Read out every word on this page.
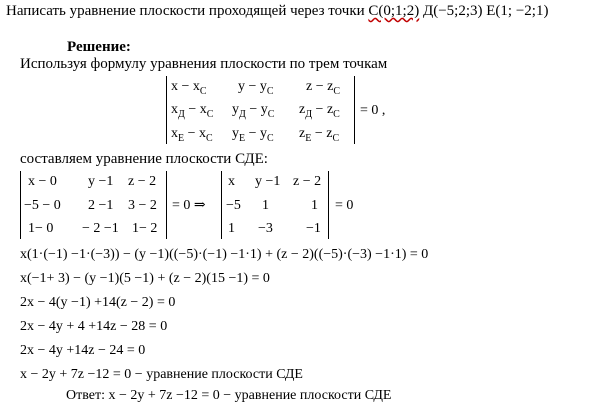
Написать уравнение плоскости проходящей через точки С(0;1;2) Д(−5;2;3) Е(1; −2;1)
Решение:
Используя формулу уравнения плоскости по трем точкам
$x - x_С$ $y - y_С$ $z - z_С$
$x_Д - x_С$ $y_Д - y_С$ $z_Д - z_С$
$x_Е - x_С$ $y_Е - y_С$ $z_Е - z_С$
= 0 ,
составляем уравнение плоскости СДЕ:
x − 0 y −1 z − 2
−5 − 0 2 −1 3 − 2
1− 0 − 2 −1 1− 2
= 0 ⇒
x y −1 z − 2
−5 1	1
1 −3 −1
= 0
x(1·(−1) −1·(−3)) − (y −1)((−5)·(−1) −1·1) + (z − 2)((−5)·(−3) −1·1) = 0
x(−1+ 3) − (y −1)(5 −1) + (z − 2)(15 −1) = 0
2x − 4(y −1) +14(z − 2) = 0
2x − 4y + 4 +14z − 28 = 0
2x − 4y +14z − 24 = 0
x − 2y + 7z −12 = 0 − уравнение плоскости СДЕ
Ответ: x − 2y + 7z −12 = 0 − уравнение плоскости СДЕ
